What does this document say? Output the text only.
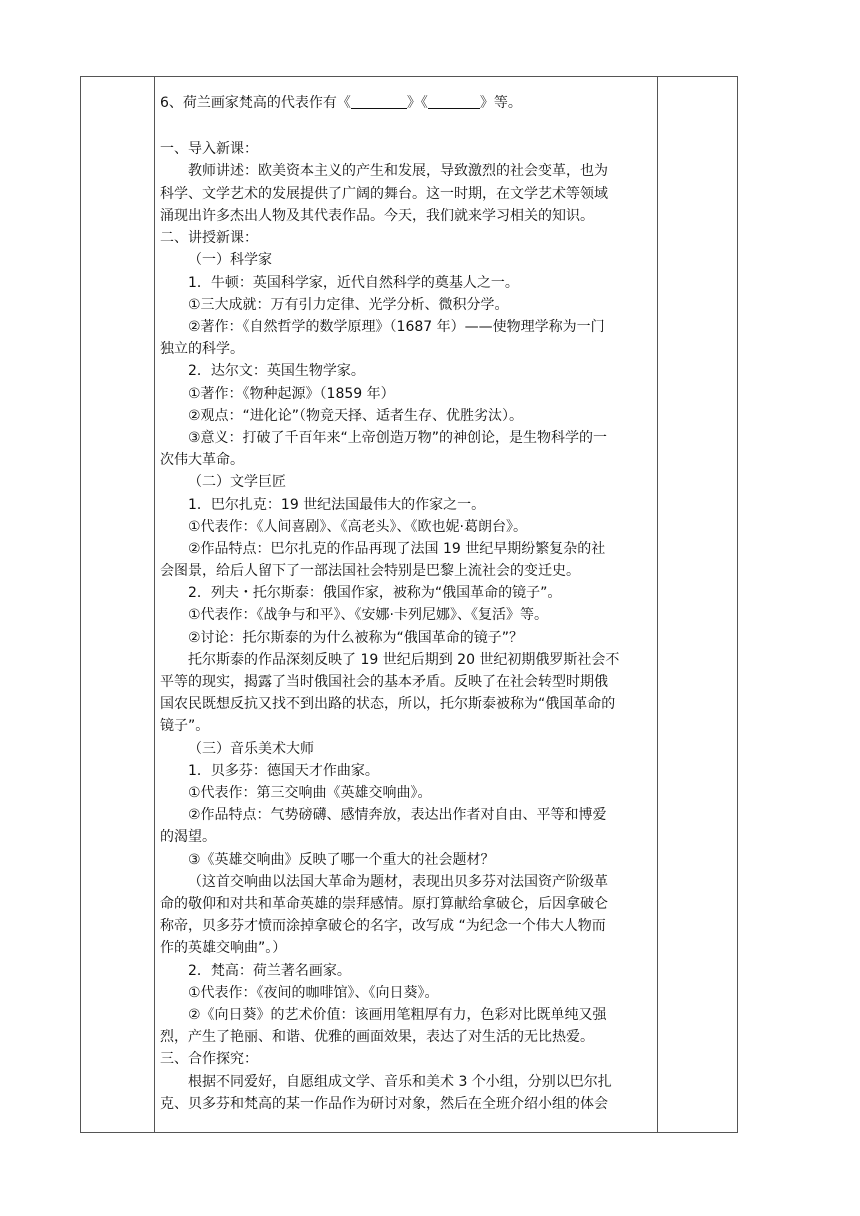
6、荷兰画家梵高的代表作有《	》《	》等。
一、导入新课：
教师讲述：欧美资本主义的产生和发展，导致激烈的社会变革，也为
科学、文学艺术的发展提供了广阔的舞台。这一时期，在文学艺术等领域
涌现出许多杰出人物及其代表作品。今天，我们就来学习相关的知识。
二、讲授新课：
（一）科学家
1．牛顿：英国科学家，近代自然科学的奠基人之一。
①三大成就：万有引力定律、光学分析、微积分学。
②著作：《自然哲学的数学原理》（1687 年）——使物理学称为一门
独立的科学。
2．达尔文：英国生物学家。
①著作：《物种起源》（1859 年）
②观点：“进化论”（物竞天择、适者生存、优胜劣汰）。
③意义：打破了千百年来“上帝创造万物”的神创论，是生物科学的一
次伟大革命。
（二）文学巨匠
1．巴尔扎克：19 世纪法国最伟大的作家之一。
①代表作：《人间喜剧》、《高老头》、《欧也妮·葛朗台》。
②作品特点：巴尔扎克的作品再现了法国 19 世纪早期纷繁复杂的社
会图景，给后人留下了一部法国社会特别是巴黎上流社会的变迁史。
2．列夫・托尔斯泰：俄国作家，被称为“俄国革命的镜子”。
①代表作：《战争与和平》、《安娜·卡列尼娜》、《复活》等。
②讨论：托尔斯泰的为什么被称为“俄国革命的镜子”？
托尔斯泰的作品深刻反映了 19 世纪后期到 20 世纪初期俄罗斯社会不
平等的现实，揭露了当时俄国社会的基本矛盾。反映了在社会转型时期俄
国农民既想反抗又找不到出路的状态，所以，托尔斯泰被称为“俄国革命的
镜子”。
（三）音乐美术大师
1．贝多芬：德国天才作曲家。
①代表作：第三交响曲《英雄交响曲》。
②作品特点：气势磅礴、感情奔放，表达出作者对自由、平等和博爱
的渴望。
③《英雄交响曲》反映了哪一个重大的社会题材？
（这首交响曲以法国大革命为题材，表现出贝多芬对法国资产阶级革
命的敬仰和对共和革命英雄的崇拜感情。原打算献给拿破仑，后因拿破仑
称帝，贝多芬才愤而涂掉拿破仑的名字，改写成 “为纪念一个伟大人物而
作的英雄交响曲”。）
2．梵高：荷兰著名画家。
①代表作：《夜间的咖啡馆》、《向日葵》。
②《向日葵》的艺术价值：该画用笔粗厚有力，色彩对比既单纯又强
烈，产生了艳丽、和谐、优雅的画面效果，表达了对生活的无比热爱。
三、合作探究：
根据不同爱好，自愿组成文学、音乐和美术 3 个小组，分别以巴尔扎
克、贝多芬和梵高的某一作品作为研讨对象，然后在全班介绍小组的体会
